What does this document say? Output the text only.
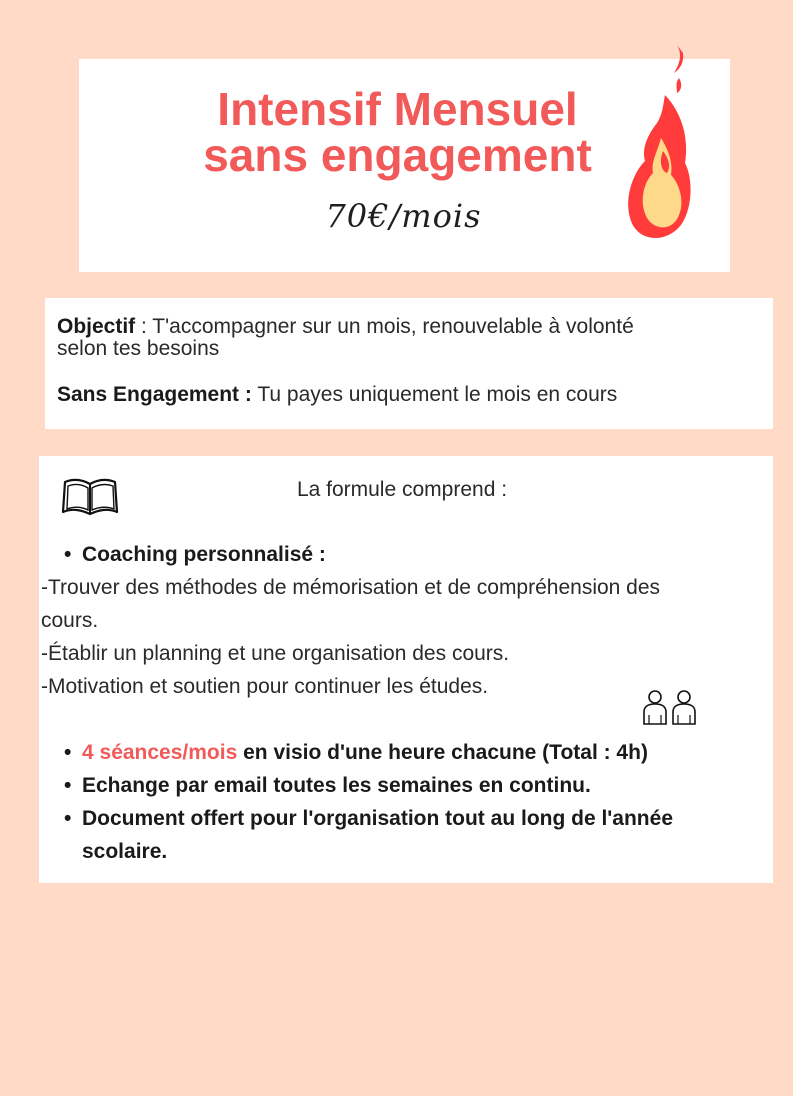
Intensif Mensuel
sans engagement
70€/mois
Objectif : T'accompagner sur un mois, renouvelable à volonté
selon tes besoins
Sans Engagement : Tu payes uniquement le mois en cours
La formule comprend :
• Coaching personnalisé :
-Trouver des méthodes de mémorisation et de compréhension des
cours.
-Établir un planning et une organisation des cours.
-Motivation et soutien pour continuer les études.
• 4 séances/mois en visio d'une heure chacune (Total : 4h)
• Echange par email toutes les semaines en continu.
• Document offert pour l'organisation tout au long de l'année
scolaire.
